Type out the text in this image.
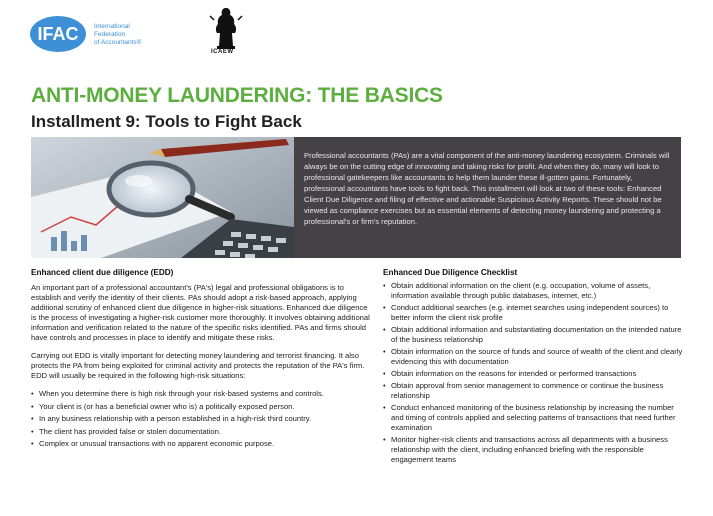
IFAC International
Federation
of Accountants®
ICAEW
ANTI-MONEY LAUNDERING: THE BASICS
Installment 9: Tools to Fight Back
Professional accountants (PAs) are a vital component of the anti-money laundering ecosystem. Criminals will always be on the cutting edge of innovating and taking risks for profit. And when they do, many will look to professional gatekeepers like accountants to help them launder these ill-gotten gains. Fortunately, professional accountants have tools to fight back. This installment will look at two of these tools: Enhanced Client Due Diligence and filing of effective and actionable Suspicious Activity Reports. These should not be viewed as compliance exercises but as essential elements of detecting money laundering and protecting a professional's or firm's reputation.
Enhanced client due diligence (EDD)

An important part of a professional accountant's (PA's) legal and professional obligations is to establish and verify the identity of their clients. PAs should adopt a risk-based approach, applying additional scrutiny of enhanced client due diligence in higher-risk situations. Enhanced due diligence is the process of investigating a higher-risk customer more thoroughly. It involves obtaining additional information and verification related to the nature of the specific risks identified. PAs and firms should have controls and processes in place to identify and mitigate these risks.

Carrying out EDD is vitally important for detecting money laundering and terrorist financing. It also protects the PA from being exploited for criminal activity and protects the reputation of the PA's firm. EDD will usually be required in the following high-risk situations:

• When you determine there is high risk through your risk-based systems and controls.
• Your client is (or has a beneficial owner who is) a politically exposed person.
• In any business relationship with a person established in a high-risk third country.
• The client has provided false or stolen documentation.
• Complex or unusual transactions with no apparent economic purpose.
Enhanced Due Diligence Checklist
• Obtain additional information on the client (e.g. occupation, volume of assets, information available through public databases, internet, etc.)
• Conduct additional searches (e.g. internet searches using independent sources) to better inform the client risk profile
• Obtain additional information and substantiating documentation on the intended nature of the business relationship
• Obtain information on the source of funds and source of wealth of the client and clearly evidencing this with documentation
• Obtain information on the reasons for intended or performed transactions
• Obtain approval from senior management to commence or continue the business relationship
• Conduct enhanced monitoring of the business relationship by increasing the number and timing of controls applied and selecting patterns of transactions that need further examination
• Monitor higher-risk clients and transactions across all departments with a business relationship with the client, including enhanced briefing with the responsible engagement teams
